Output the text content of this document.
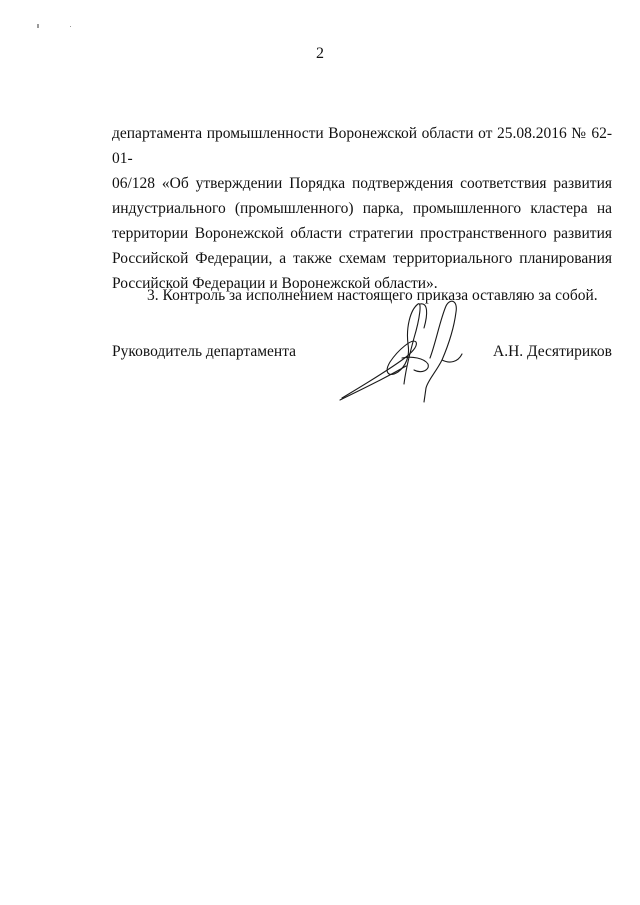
2
департамента промышленности Воронежской области от 25.08.2016 № 62-01-
06/128 «Об утверждении Порядка подтверждения соответствия развития
индустриального (промышленного) парка, промышленного кластера на
территории Воронежской области стратегии пространственного развития
Российской Федерации, а также схемам территориального планирования
Российской Федерации и Воронежской области».
3. Контроль за исполнением настоящего приказа оставляю за собой.
Руководитель департамента	А.Н. Десятириков
